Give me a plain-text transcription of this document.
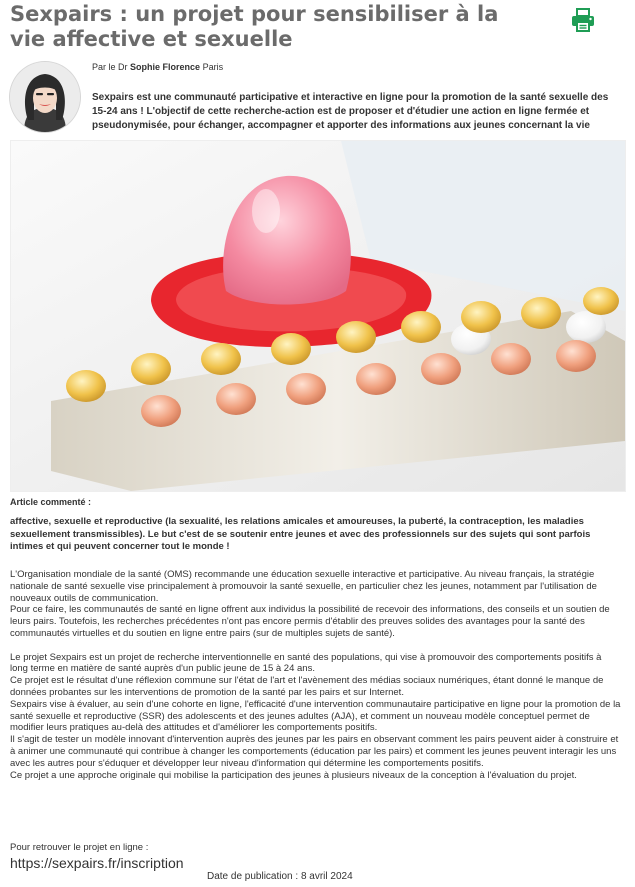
Sexpairs : un projet pour sensibiliser à la vie affective et sexuelle
Par le Dr Sophie Florence Paris

Sexpairs est une communauté participative et interactive en ligne pour la promotion de la santé sexuelle des 15-24 ans ! L'objectif de cette recherche-action est de proposer et d'étudier une action en ligne fermée et pseudonymisée, pour échanger, accompagner et apporter des informations aux jeunes concernant la vie

Article commenté :

affective, sexuelle et reproductive (la sexualité, les relations amicales et amoureuses, la puberté, la contraception, les maladies sexuellement transmissibles). Le but c'est de se soutenir entre jeunes et avec des professionnels sur des sujets qui sont parfois intimes et qui peuvent concerner tout le monde !

L'Organisation mondiale de la santé (OMS) recommande une éducation sexuelle interactive et participative. Au niveau français, la stratégie nationale de santé sexuelle vise principalement à promouvoir la santé sexuelle, en particulier chez les jeunes, notamment par l'utilisation de nouveaux outils de communication.

Pour ce faire, les communautés de santé en ligne offrent aux individus la possibilité de recevoir des informations, des conseils et un soutien de leurs pairs. Toutefois, les recherches précédentes n'ont pas encore permis d'établir des preuves solides des avantages pour la santé des communautés virtuelles et du soutien en ligne entre pairs (sur de multiples sujets de santé).

Le projet Sexpairs est un projet de recherche interventionnelle en santé des populations, qui vise à promouvoir des comportements positifs à long terme en matière de santé auprès d'un public jeune de 15 à 24 ans.

Ce projet est le résultat d'une réflexion commune sur l'état de l'art et l'avènement des médias sociaux numériques, étant donné le manque de données probantes sur les interventions de promotion de la santé par les pairs et sur Internet.

Sexpairs vise à évaluer, au sein d'une cohorte en ligne, l'efficacité d'une intervention communautaire participative en ligne pour la promotion de la santé sexuelle et reproductive (SSR) des adolescents et des jeunes adultes (AJA), et comment un nouveau modèle conceptuel permet de modifier leurs pratiques au-delà des attitudes et d'améliorer les comportements positifs.

Il s'agit de tester un modèle innovant d'intervention auprès des jeunes par les pairs en observant comment les pairs peuvent aider à construire et à animer une communauté qui contribue à changer les comportements (éducation par les pairs) et comment les jeunes peuvent interagir les uns avec les autres pour s'éduquer et développer leur niveau d'information qui détermine les comportements positifs.

Ce projet a une approche originale qui mobilise la participation des jeunes à plusieurs niveaux de la conception à l'évaluation du projet.

Pour retrouver le projet en ligne :

https://sexpairs.fr/inscription

Date de publication : 8 avril 2024
